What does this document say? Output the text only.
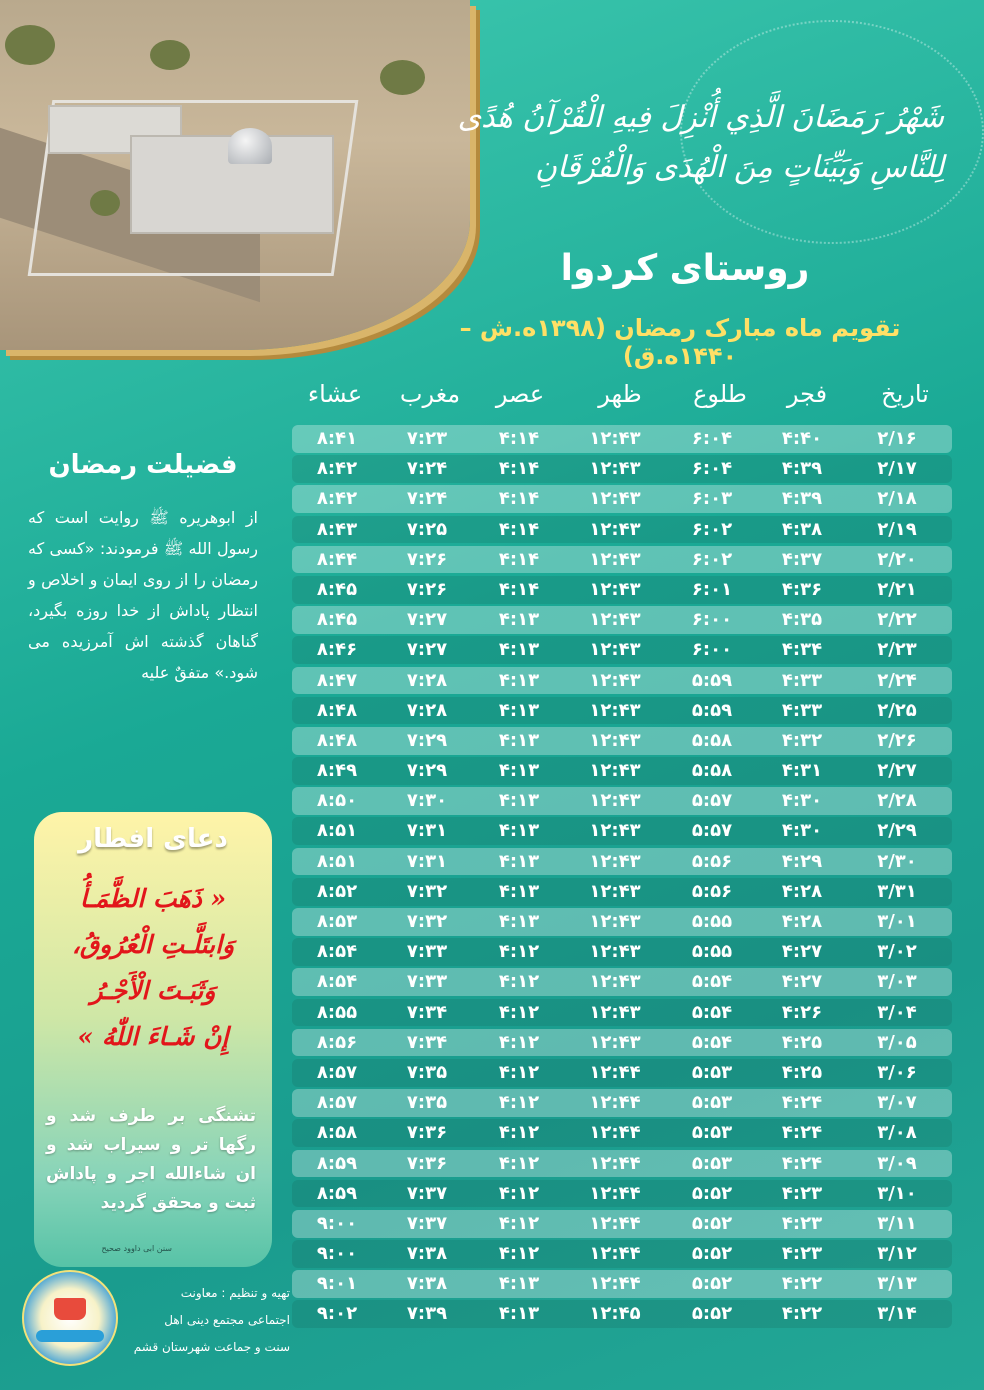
شَهْرُ رَمَضَانَ الَّذِي أُنْزِلَ فِيهِ الْقُرْآنُ هُدًى
لِلنَّاسِ وَبَيِّنَاتٍ مِنَ الْهُدَى وَالْفُرْقَانِ
روستای کردوا
تقویم ماه مبارک رمضان (۱۳۹۸ه.ش – ۱۴۴۰ه.ق)
تاریخ
فجر
طلوع
ظهر
عصر
مغرب
عشاء
۲/۱۶
۴:۴۰
۶:۰۴
۱۲:۴۳
۴:۱۴
۷:۲۳
۸:۴۱
۲/۱۷
۴:۳۹
۶:۰۴
۱۲:۴۳
۴:۱۴
۷:۲۴
۸:۴۲
۲/۱۸
۴:۳۹
۶:۰۳
۱۲:۴۳
۴:۱۴
۷:۲۴
۸:۴۲
۲/۱۹
۴:۳۸
۶:۰۲
۱۲:۴۳
۴:۱۴
۷:۲۵
۸:۴۳
۲/۲۰
۴:۳۷
۶:۰۲
۱۲:۴۳
۴:۱۴
۷:۲۶
۸:۴۴
۲/۲۱
۴:۳۶
۶:۰۱
۱۲:۴۳
۴:۱۴
۷:۲۶
۸:۴۵
۲/۲۲
۴:۳۵
۶:۰۰
۱۲:۴۳
۴:۱۳
۷:۲۷
۸:۴۵
۲/۲۳
۴:۳۴
۶:۰۰
۱۲:۴۳
۴:۱۳
۷:۲۷
۸:۴۶
۲/۲۴
۴:۳۳
۵:۵۹
۱۲:۴۳
۴:۱۳
۷:۲۸
۸:۴۷
۲/۲۵
۴:۳۳
۵:۵۹
۱۲:۴۳
۴:۱۳
۷:۲۸
۸:۴۸
۲/۲۶
۴:۳۲
۵:۵۸
۱۲:۴۳
۴:۱۳
۷:۲۹
۸:۴۸
۲/۲۷
۴:۳۱
۵:۵۸
۱۲:۴۳
۴:۱۳
۷:۲۹
۸:۴۹
۲/۲۸
۴:۳۰
۵:۵۷
۱۲:۴۳
۴:۱۳
۷:۳۰
۸:۵۰
۲/۲۹
۴:۳۰
۵:۵۷
۱۲:۴۳
۴:۱۳
۷:۳۱
۸:۵۱
۲/۳۰
۴:۲۹
۵:۵۶
۱۲:۴۳
۴:۱۳
۷:۳۱
۸:۵۱
۳/۳۱
۴:۲۸
۵:۵۶
۱۲:۴۳
۴:۱۳
۷:۳۲
۸:۵۲
۳/۰۱
۴:۲۸
۵:۵۵
۱۲:۴۳
۴:۱۳
۷:۳۲
۸:۵۳
۳/۰۲
۴:۲۷
۵:۵۵
۱۲:۴۳
۴:۱۲
۷:۳۳
۸:۵۴
۳/۰۳
۴:۲۷
۵:۵۴
۱۲:۴۳
۴:۱۲
۷:۳۳
۸:۵۴
۳/۰۴
۴:۲۶
۵:۵۴
۱۲:۴۳
۴:۱۲
۷:۳۴
۸:۵۵
۳/۰۵
۴:۲۵
۵:۵۴
۱۲:۴۳
۴:۱۲
۷:۳۴
۸:۵۶
۳/۰۶
۴:۲۵
۵:۵۳
۱۲:۴۴
۴:۱۲
۷:۳۵
۸:۵۷
۳/۰۷
۴:۲۴
۵:۵۳
۱۲:۴۴
۴:۱۲
۷:۳۵
۸:۵۷
۳/۰۸
۴:۲۴
۵:۵۳
۱۲:۴۴
۴:۱۲
۷:۳۶
۸:۵۸
۳/۰۹
۴:۲۴
۵:۵۳
۱۲:۴۴
۴:۱۲
۷:۳۶
۸:۵۹
۳/۱۰
۴:۲۳
۵:۵۲
۱۲:۴۴
۴:۱۲
۷:۳۷
۸:۵۹
۳/۱۱
۴:۲۳
۵:۵۲
۱۲:۴۴
۴:۱۲
۷:۳۷
۹:۰۰
۳/۱۲
۴:۲۳
۵:۵۲
۱۲:۴۴
۴:۱۲
۷:۳۸
۹:۰۰
۳/۱۳
۴:۲۲
۵:۵۲
۱۲:۴۴
۴:۱۳
۷:۳۸
۹:۰۱
۳/۱۴
۴:۲۲
۵:۵۲
۱۲:۴۵
۴:۱۳
۷:۳۹
۹:۰۲
فضیلت رمضان

از ابوهریره ﷺ روایت است که رسول الله ﷺ فرمودند: «کسی که رمضان را از روی ایمان و اخلاص و انتظار پاداش از خدا روزه بگیرد، گناهان گذشته اش آمرزیده می شود.» متفقٌ علیه

دعای افطار
« ذَهَبَ الظَّمَـأُ
وَابتَلَّـتِ الْعُرُوقُ،
وَثَبَـتَ الْأَجْـرُ
إِنْ شَـاءَ اللّٰهُ »
تشنگی بر طرف شد و رگها تر و سیراب شد و ان شاءالله اجر و پاداش ثبت و محقق گردید
سنن ابی داوود صحیح
تهیه و تنظیم : معاونت
اجتماعی مجتمع دینی اهل
سنت و جماعت شهرستان قشم
